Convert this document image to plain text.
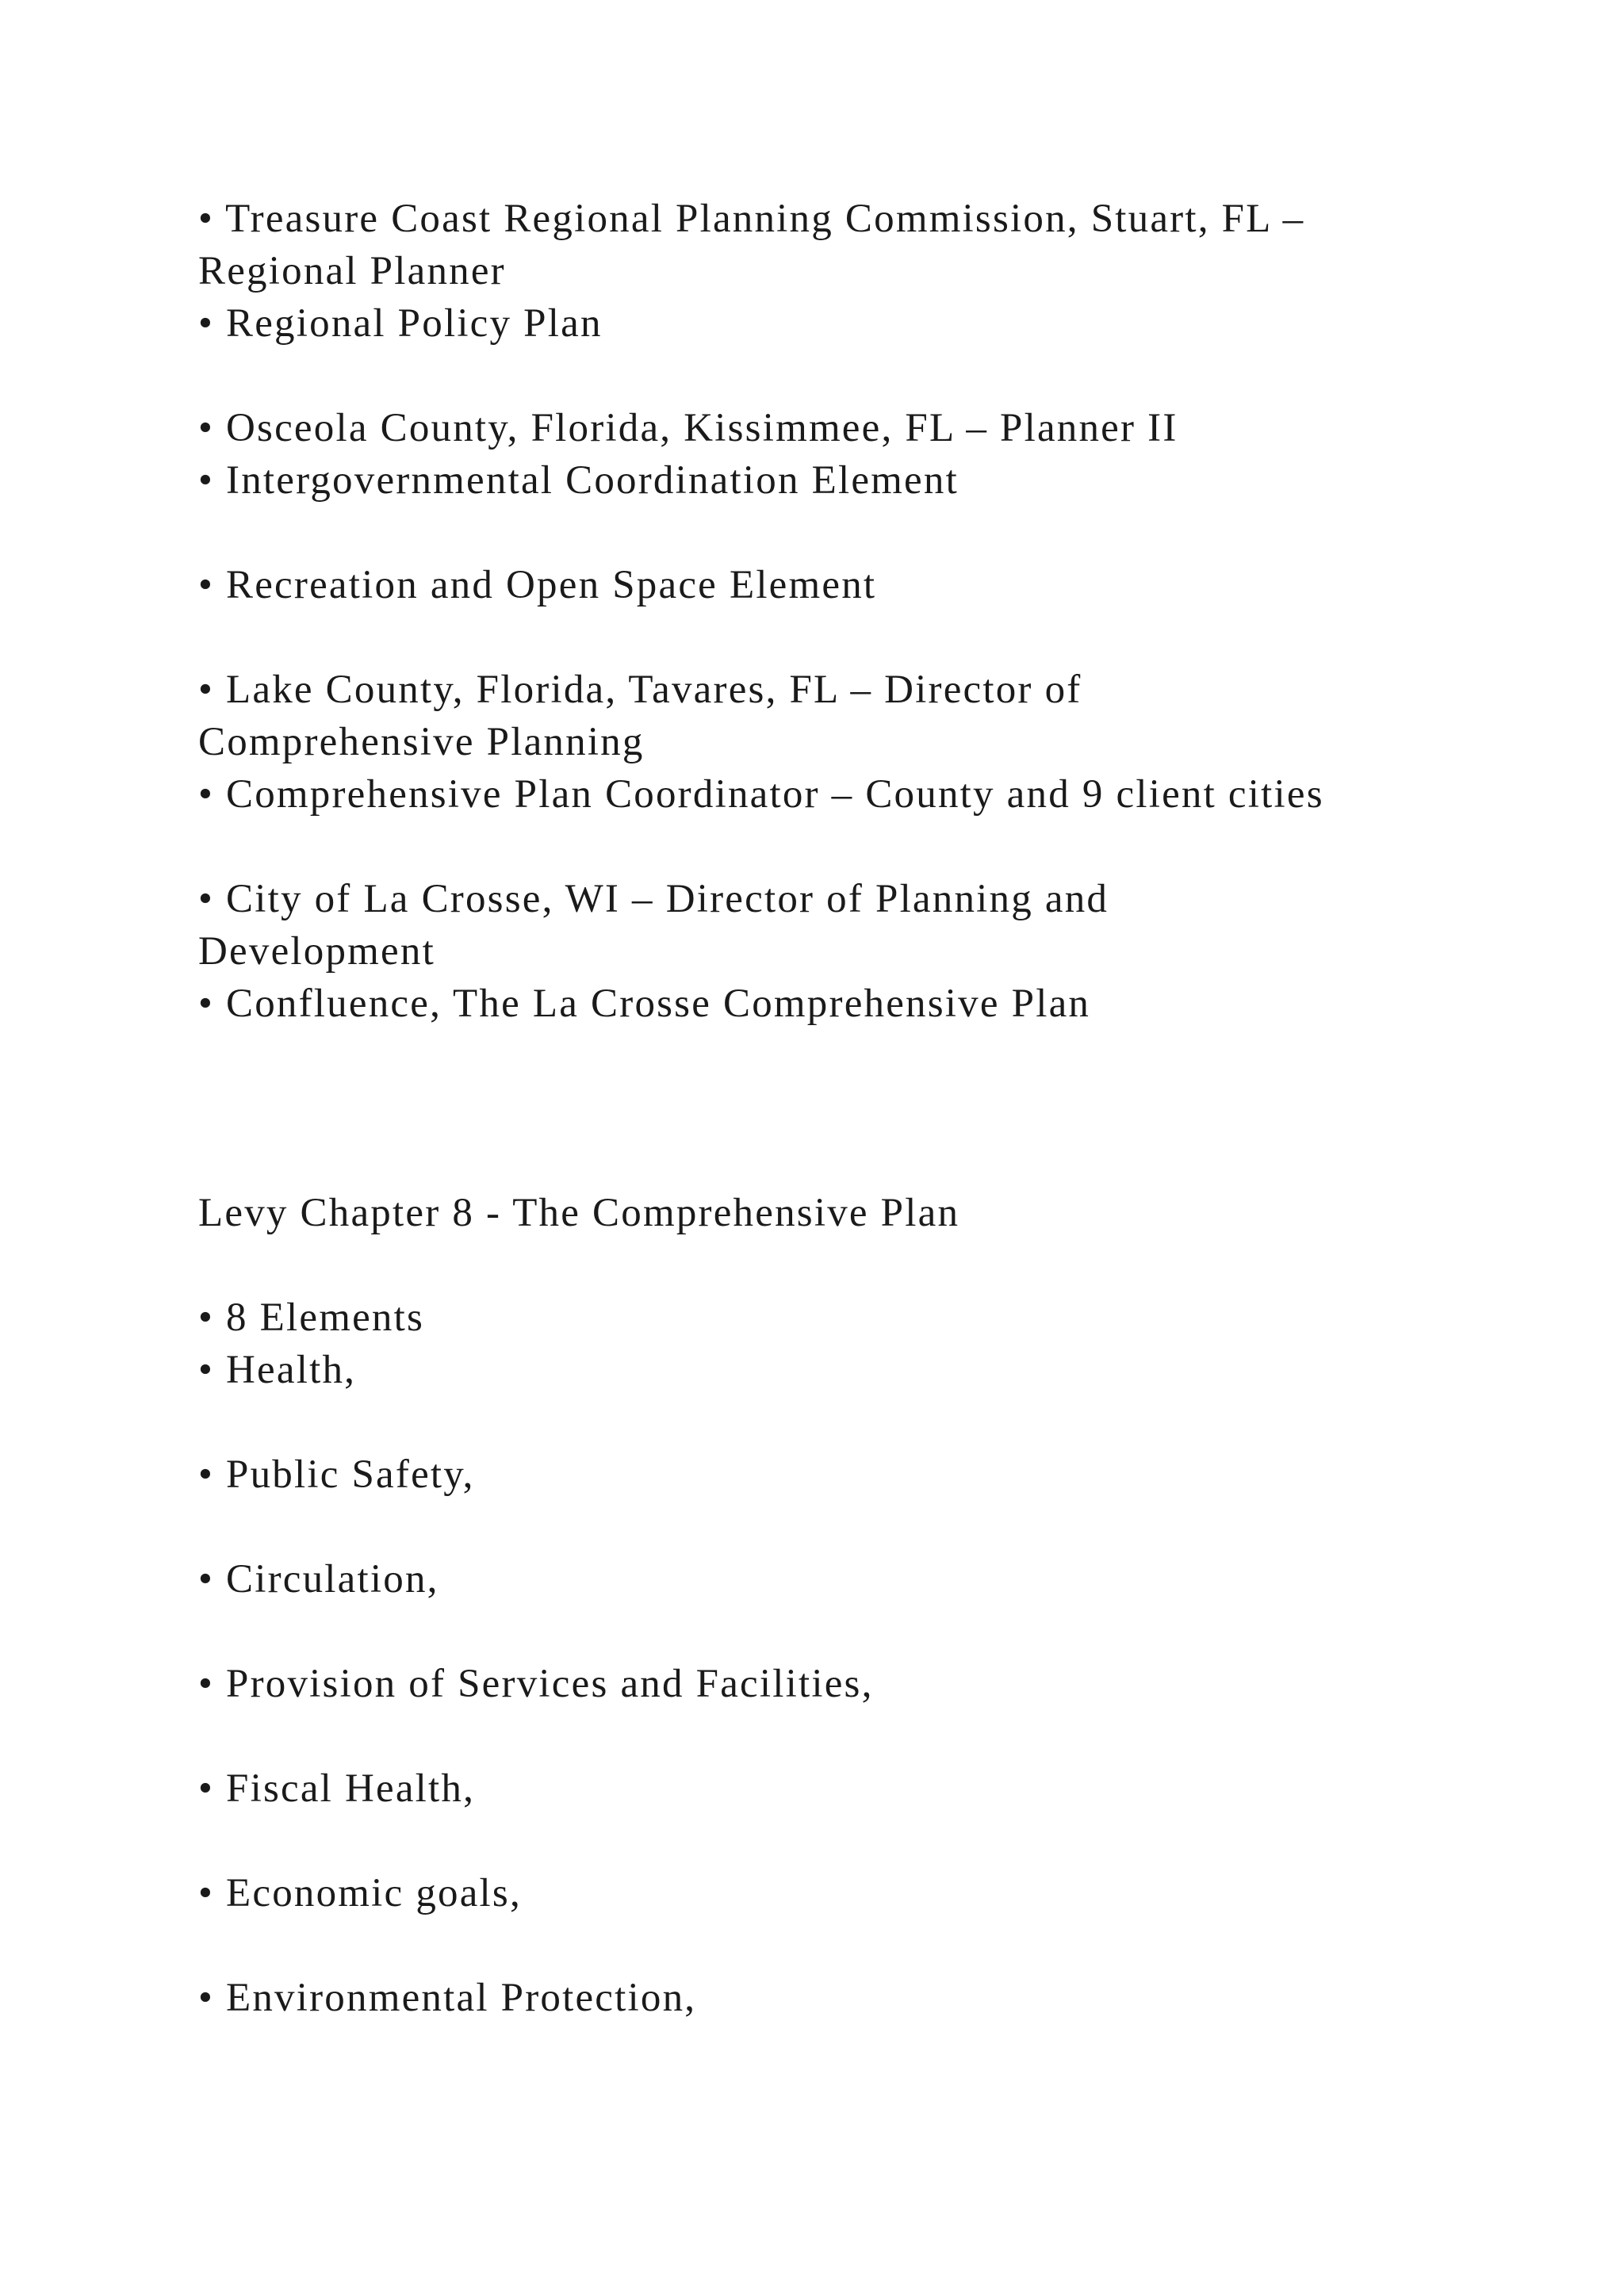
• Treasure Coast Regional Planning Commission, Stuart, FL –
Regional Planner
• Regional Policy Plan
• Osceola County, Florida, Kissimmee, FL – Planner II
• Intergovernmental Coordination Element
• Recreation and Open Space Element
• Lake County, Florida, Tavares, FL – Director of
Comprehensive Planning
• Comprehensive Plan Coordinator – County and 9 client cities
• City of La Crosse, WI – Director of Planning and
Development
• Confluence, The La Crosse Comprehensive Plan
Levy Chapter 8 - The Comprehensive Plan
• 8 Elements
• Health,
• Public Safety,
• Circulation,
• Provision of Services and Facilities,
• Fiscal Health,
• Economic goals,
• Environmental Protection,
